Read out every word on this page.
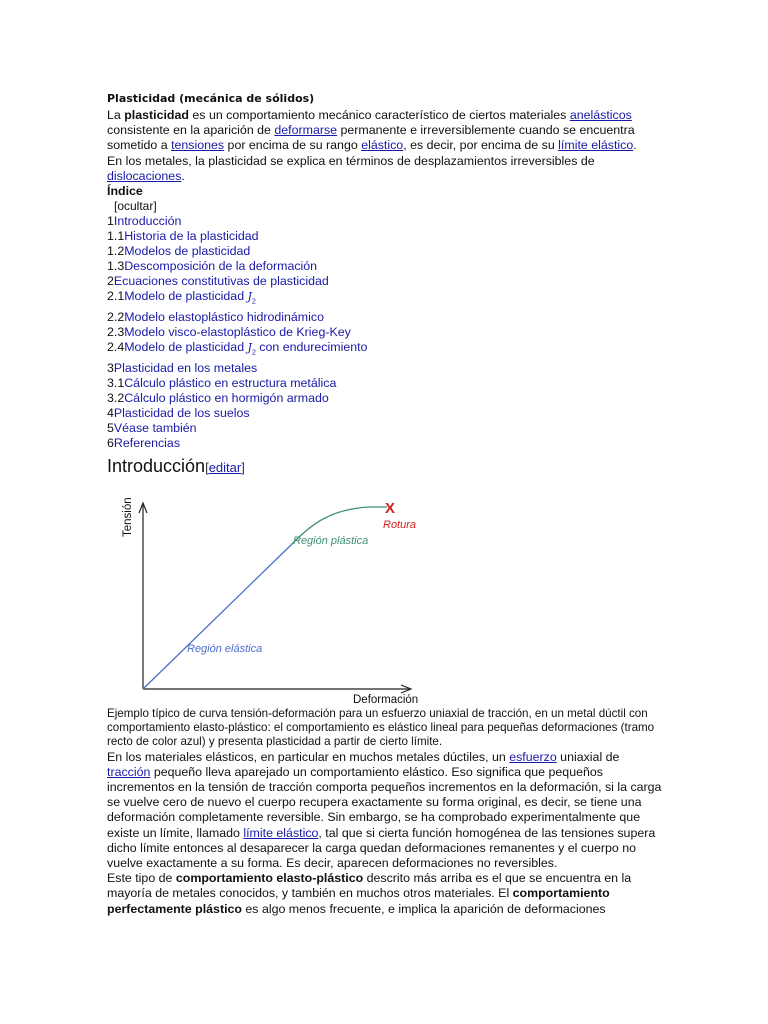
Plasticidad (mecánica de sólidos)

La plasticidad es un comportamiento mecánico característico de ciertos materiales anelásticos consistente en la aparición de deformarse permanente e irreversiblemente cuando se encuentra sometido a tensiones por encima de su rango elástico, es decir, por encima de su límite elástico.

En los metales, la plasticidad se explica en términos de desplazamientos irreversibles de dislocaciones.

Índice
[ocultar]
1Introducción
1.1Historia de la plasticidad
1.2Modelos de plasticidad
1.3Descomposición de la deformación
2Ecuaciones constitutivas de plasticidad
2.1Modelo de plasticidad $J_2$
2.2Modelo elastoplástico hidrodinámico
2.3Modelo visco-elastoplástico de Krieg-Key
2.4Modelo de plasticidad $J_2$ con endurecimiento
3Plasticidad en los metales
3.1Cálculo plástico en estructura metálica
3.2Cálculo plástico en hormigón armado
4Plasticidad de los suelos
5Véase también
6Referencias
Introducción[editar]
X
Rotura
Región plástica
Región elástica
Tensión
Deformación

Ejemplo típico de curva tensión-deformación para un esfuerzo uniaxial de tracción, en un metal dúctil con comportamiento elasto-plástico: el comportamiento es elástico lineal para pequeñas deformaciones (tramo recto de color azul) y presenta plasticidad a partir de cierto límite.

En los materiales elásticos, en particular en muchos metales dúctiles, un esfuerzo uniaxial de tracción pequeño lleva aparejado un comportamiento elástico. Eso significa que pequeños incrementos en la tensión de tracción comporta pequeños incrementos en la deformación, si la carga se vuelve cero de nuevo el cuerpo recupera exactamente su forma original, es decir, se tiene una deformación completamente reversible. Sin embargo, se ha comprobado experimentalmente que existe un límite, llamado límite elástico, tal que si cierta función homogénea de las tensiones supera dicho límite entonces al desaparecer la carga quedan deformaciones remanentes y el cuerpo no vuelve exactamente a su forma. Es decir, aparecen deformaciones no reversibles.

Este tipo de comportamiento elasto-plástico descrito más arriba es el que se encuentra en la mayoría de metales conocidos, y también en muchos otros materiales. El comportamiento perfectamente plástico es algo menos frecuente, e implica la aparición de deformaciones
